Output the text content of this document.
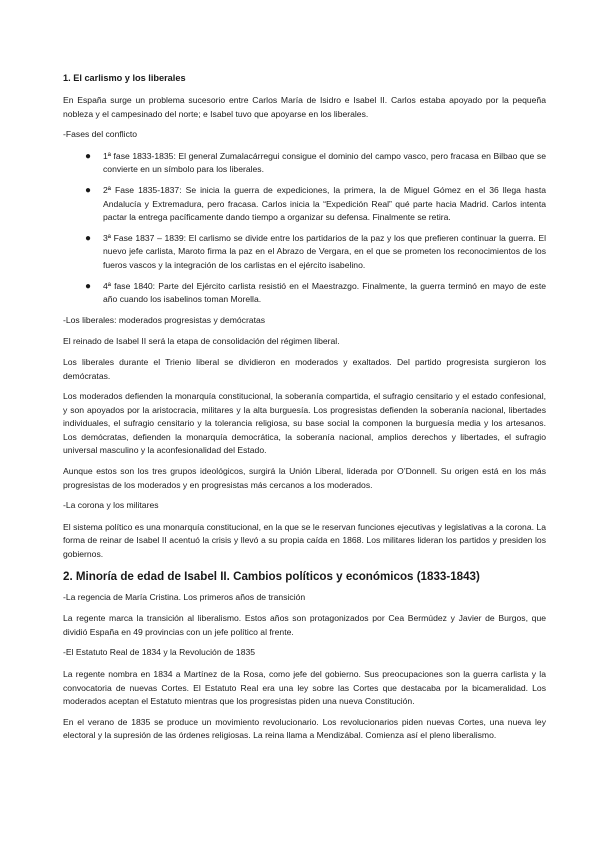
1. El carlismo y los liberales

En España surge un problema sucesorio entre Carlos María de Isidro e Isabel II. Carlos estaba apoyado por la pequeña nobleza y el campesinado del norte; e Isabel tuvo que apoyarse en los liberales.

-Fases del conflicto

● 1ª fase 1833-1835: El general Zumalacárregui consigue el dominio del campo vasco, pero fracasa en Bilbao que se convierte en un símbolo para los liberales.
● 2ª Fase 1835-1837: Se inicia la guerra de expediciones, la primera, la de Miguel Gómez en el 36 llega hasta Andalucía y Extremadura, pero fracasa. Carlos inicia la “Expedición Real” qué parte hacia Madrid. Carlos intenta pactar la entrega pacíficamente dando tiempo a organizar su defensa. Finalmente se retira.
● 3ª Fase 1837 – 1839: El carlismo se divide entre los partidarios de la paz y los que prefieren continuar la guerra. El nuevo jefe carlista, Maroto firma la paz en el Abrazo de Vergara, en el que se prometen los reconocimientos de los fueros vascos y la integración de los carlistas en el ejército isabelino.
● 4ª fase 1840: Parte del Ejército carlista resistió en el Maestrazgo. Finalmente, la guerra terminó en mayo de este año cuando los isabelinos toman Morella.

-Los liberales: moderados progresistas y demócratas

El reinado de Isabel II será la etapa de consolidación del régimen liberal.

Los liberales durante el Trienio liberal se dividieron en moderados y exaltados. Del partido progresista surgieron los demócratas.

Los moderados defienden la monarquía constitucional, la soberanía compartida, el sufragio censitario y el estado confesional, y son apoyados por la aristocracia, militares y la alta burguesía. Los progresistas defienden la soberanía nacional, libertades individuales, el sufragio censitario y la tolerancia religiosa, su base social la componen la burguesía media y los artesanos. Los demócratas, defienden la monarquía democrática, la soberanía nacional, amplios derechos y libertades, el sufragio universal masculino y la aconfesionalidad del Estado.

Aunque estos son los tres grupos ideológicos, surgirá la Unión Liberal, liderada por O’Donnell. Su origen está en los más progresistas de los moderados y en progresistas más cercanos a los moderados.

-La corona y los militares

El sistema político es una monarquía constitucional, en la que se le reservan funciones ejecutivas y legislativas a la corona. La forma de reinar de Isabel II acentuó la crisis y llevó a su propia caída en 1868. Los militares lideran los partidos y presiden los gobiernos.

2. Minoría de edad de Isabel II. Cambios políticos y económicos (1833-1843)

-La regencia de María Cristina. Los primeros años de transición

La regente marca la transición al liberalismo. Estos años son protagonizados por Cea Bermúdez y Javier de Burgos, que dividió España en 49 provincias con un jefe político al frente.

-El Estatuto Real de 1834 y la Revolución de 1835

La regente nombra en 1834 a Martínez de la Rosa, como jefe del gobierno. Sus preocupaciones son la guerra carlista y la convocatoria de nuevas Cortes. El Estatuto Real era una ley sobre las Cortes que destacaba por la bicameralidad. Los moderados aceptan el Estatuto mientras que los progresistas piden una nueva Constitución.

En el verano de 1835 se produce un movimiento revolucionario. Los revolucionarios piden nuevas Cortes, una nueva ley electoral y la supresión de las órdenes religiosas. La reina llama a Mendizábal. Comienza así el pleno liberalismo.
